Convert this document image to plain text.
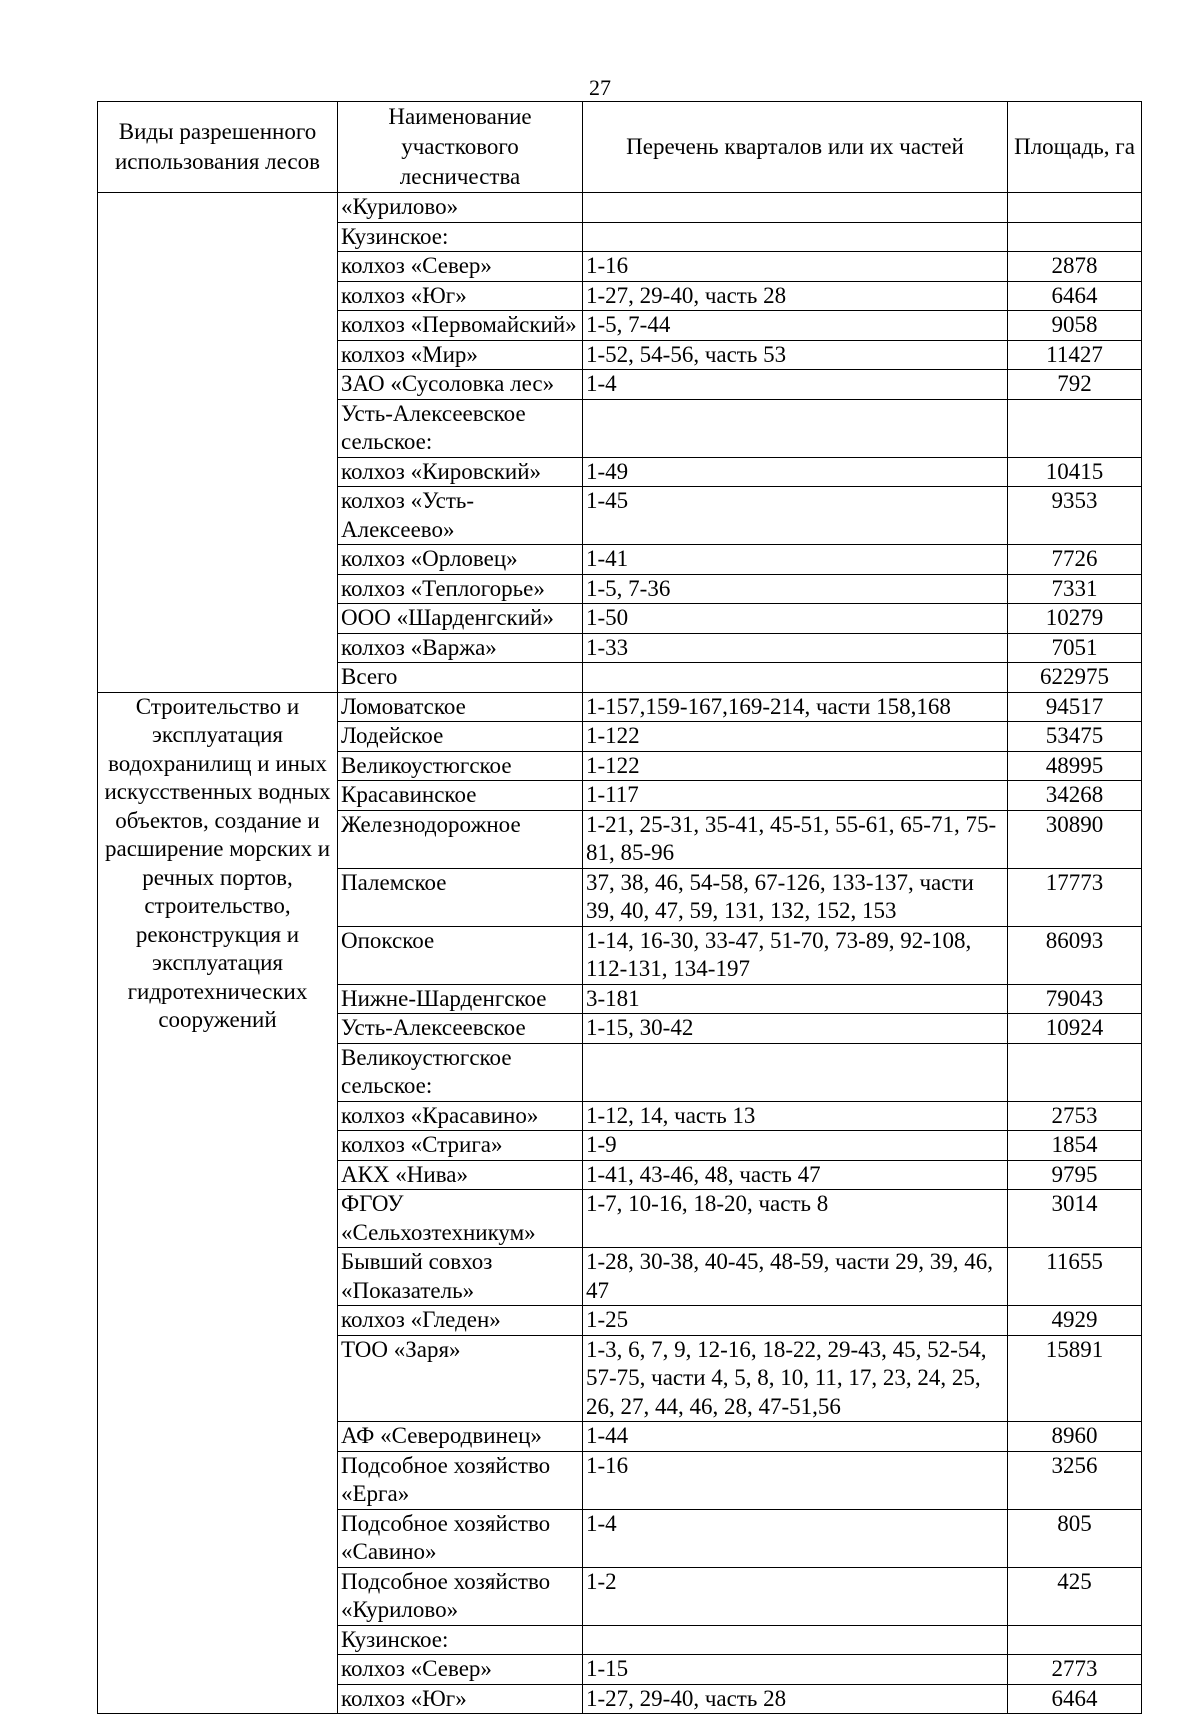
27
Виды разрешенного использования лесов	Наименование участкового лесничества	Перечень кварталов или их частей	Площадь, га
	«Курилово»		
	Кузинское:		
	колхоз «Север»	1-16	2878
	колхоз «Юг»	1-27, 29-40, часть 28	6464
	колхоз «Первомайский»	1-5, 7-44	9058
	колхоз «Мир»	1-52, 54-56, часть 53	11427
	ЗАО «Сусоловка лес»	1-4	792
	Усть-Алексеевское сельское:		
	колхоз «Кировский»	1-49	10415
	колхоз «Усть-Алексеево»	1-45	9353
	колхоз «Орловец»	1-41	7726
	колхоз «Теплогорье»	1-5, 7-36	7331
	ООО «Шарденгский»	1-50	10279
	колхоз «Варжа»	1-33	7051
	Всего		622975
Строительство и эксплуатация водохранилищ и иных искусственных водных объектов, создание и расширение морских и речных портов, строительство, реконструкция и эксплуатация гидротехнических сооружений	Ломоватское	1-157,159-167,169-214, части 158,168	94517
	Лодейское	1-122	53475
	Великоустюгское	1-122	48995
	Красавинское	1-117	34268
	Железнодорожное	1-21, 25-31, 35-41, 45-51, 55-61, 65-71, 75-81, 85-96	30890
	Палемское	37, 38, 46, 54-58, 67-126, 133-137, части 39, 40, 47, 59, 131, 132, 152, 153	17773
	Опокское	1-14, 16-30, 33-47, 51-70, 73-89, 92-108, 112-131, 134-197	86093
	Нижне-Шарденгское	3-181	79043
	Усть-Алексеевское	1-15, 30-42	10924
	Великоустюгское сельское:		
	колхоз «Красавино»	1-12, 14, часть 13	2753
	колхоз «Стрига»	1-9	1854
	АКХ «Нива»	1-41, 43-46, 48, часть 47	9795
	ФГОУ «Сельхозтехникум»	1-7, 10-16, 18-20, часть 8	3014
	Бывший совхоз «Показатель»	1-28, 30-38, 40-45, 48-59, части 29, 39, 46, 47	11655
	колхоз «Гледен»	1-25	4929
	ТОО «Заря»	1-3, 6, 7, 9, 12-16, 18-22, 29-43, 45, 52-54, 57-75, части 4, 5, 8, 10, 11, 17, 23, 24, 25, 26, 27, 44, 46, 28, 47-51,56	15891
	АФ «Северодвинец»	1-44	8960
	Подсобное хозяйство «Ерга»	1-16	3256
	Подсобное хозяйство «Савино»	1-4	805
	Подсобное хозяйство «Курилово»	1-2	425
	Кузинское:		
	колхоз «Север»	1-15	2773
	колхоз «Юг»	1-27, 29-40, часть 28	6464
